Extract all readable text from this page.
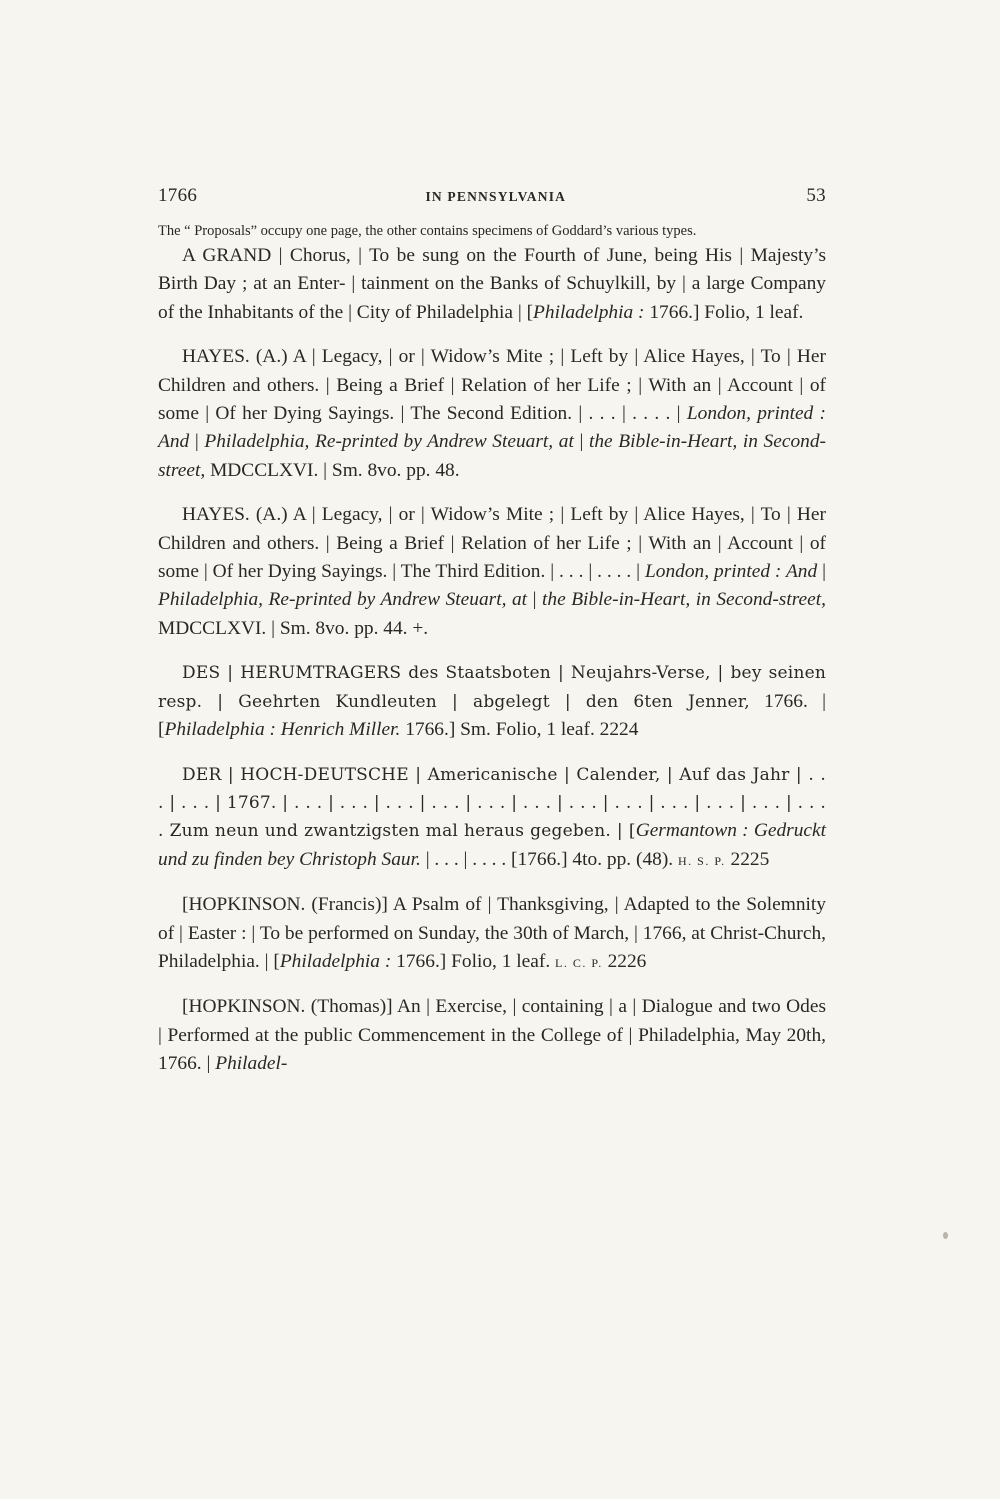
1766	IN PENNSYLVANIA	53

The “ Proposals” occupy one page, the other contains specimens of Goddard’s various types.

A GRAND | Chorus, | To be sung on the Fourth of June, being His | Majesty’s Birth Day ; at an Enter- | tainment on the Banks of Schuylkill, by | a large Company of the Inhabitants of the | City of Philadelphia | [Philadelphia : 1766.] Folio, 1 leaf.

HAYES. (A.) A | Legacy, | or | Widow’s Mite ; | Left by | Alice Hayes, | To | Her Children and others. | Being a Brief | Relation of her Life ; | With an | Account | of some | Of her Dying Sayings. | The Second Edition. | . . . | . . . . | London, printed : And | Philadelphia, Re-printed by Andrew Steuart, at | the Bible-in-Heart, in Second-street, MDCCLXVI. | Sm. 8vo. pp. 48.

HAYES. (A.) A | Legacy, | or | Widow’s Mite ; | Left by | Alice Hayes, | To | Her Children and others. | Being a Brief | Relation of her Life ; | With an | Account | of some | Of her Dying Sayings. | The Third Edition. | . . . | . . . . | London, printed : And | Philadelphia, Re-printed by Andrew Steuart, at | the Bible-in-Heart, in Second-street, MDCCLXVI. | Sm. 8vo. pp. 44. +.

DES | HERUMTRAGERS des Staatsboten | Neujahrs-Verse, | bey seinen resp. | Geehrten Kundleuten | abgelegt | den 6ten Jenner, 1766. | [Philadelphia : Henrich Miller. 1766.] Sm. Folio, 1 leaf. 2224

DER | HOCH-DEUTSCHE | Americanische | Calender, | Auf das Jahr | . . . | . . . | 1767. | . . . | . . . | . . . | . . . | . . . | . . . | . . . | . . . | . . . | . . . | . . . | . . . . Zum neun und zwantzigsten mal heraus gegeben. | [Germantown : Gedruckt und zu finden bey Christoph Saur. | . . . | . . . . [1766.] 4to. pp. (48). H. S. P. 2225

[HOPKINSON. (Francis)] A Psalm of | Thanksgiving, | Adapted to the Solemnity of | Easter : | To be performed on Sunday, the 30th of March, | 1766, at Christ-Church, Philadelphia. | [Philadelphia : 1766.] Folio, 1 leaf. L. C. P. 2226

[HOPKINSON. (Thomas)] An | Exercise, | containing | a | Dialogue and two Odes | Performed at the public Commencement in the College of | Philadelphia, May 20th, 1766. | Philadel-
